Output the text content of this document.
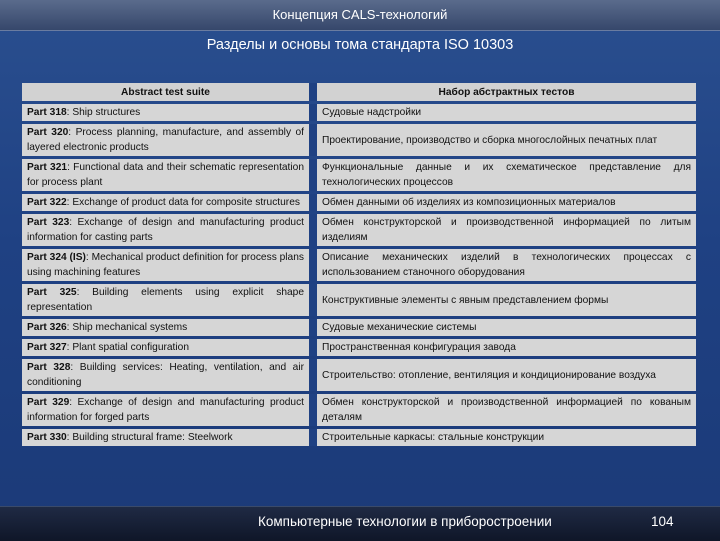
Концепция CALS-технологий
Разделы и основы тома стандарта ISO 10303
Abstract test suite	Набор абстрактных тестов
Part 318: Ship structures	Судовые надстройки
Part 320: Process planning, manufacture, and assembly of layered electronic products	Проектирование, производство и сборка многослойных печатных плат
Part 321: Functional data and their schematic representation for process plant	Функциональные данные и их схематическое представление для технологических процессов
Part 322: Exchange of product data for composite structures	Обмен данными об изделиях из композиционных материалов
Part 323: Exchange of design and manufacturing product information for casting parts	Обмен конструкторской и производственной информацией по литым изделиям
Part 324 (IS): Mechanical product definition for process plans using machining features	Описание механических изделий в технологических процессах с использованием станочного оборудования
Part 325: Building elements using explicit shape representation	Конструктивные элементы с явным представлением формы
Part 326: Ship mechanical systems	Судовые механические системы
Part 327: Plant spatial configuration	Пространственная конфигурация завода
Part 328: Building services: Heating, ventilation, and air conditioning	Строительство: отопление, вентиляция и кондиционирование воздуха
Part 329: Exchange of design and manufacturing product information for forged parts	Обмен конструкторской и производственной информацией по кованым деталям
Part 330: Building structural frame: Steelwork	Строительные каркасы: стальные конструкции
Компьютерные технологии в приборостроении	104
